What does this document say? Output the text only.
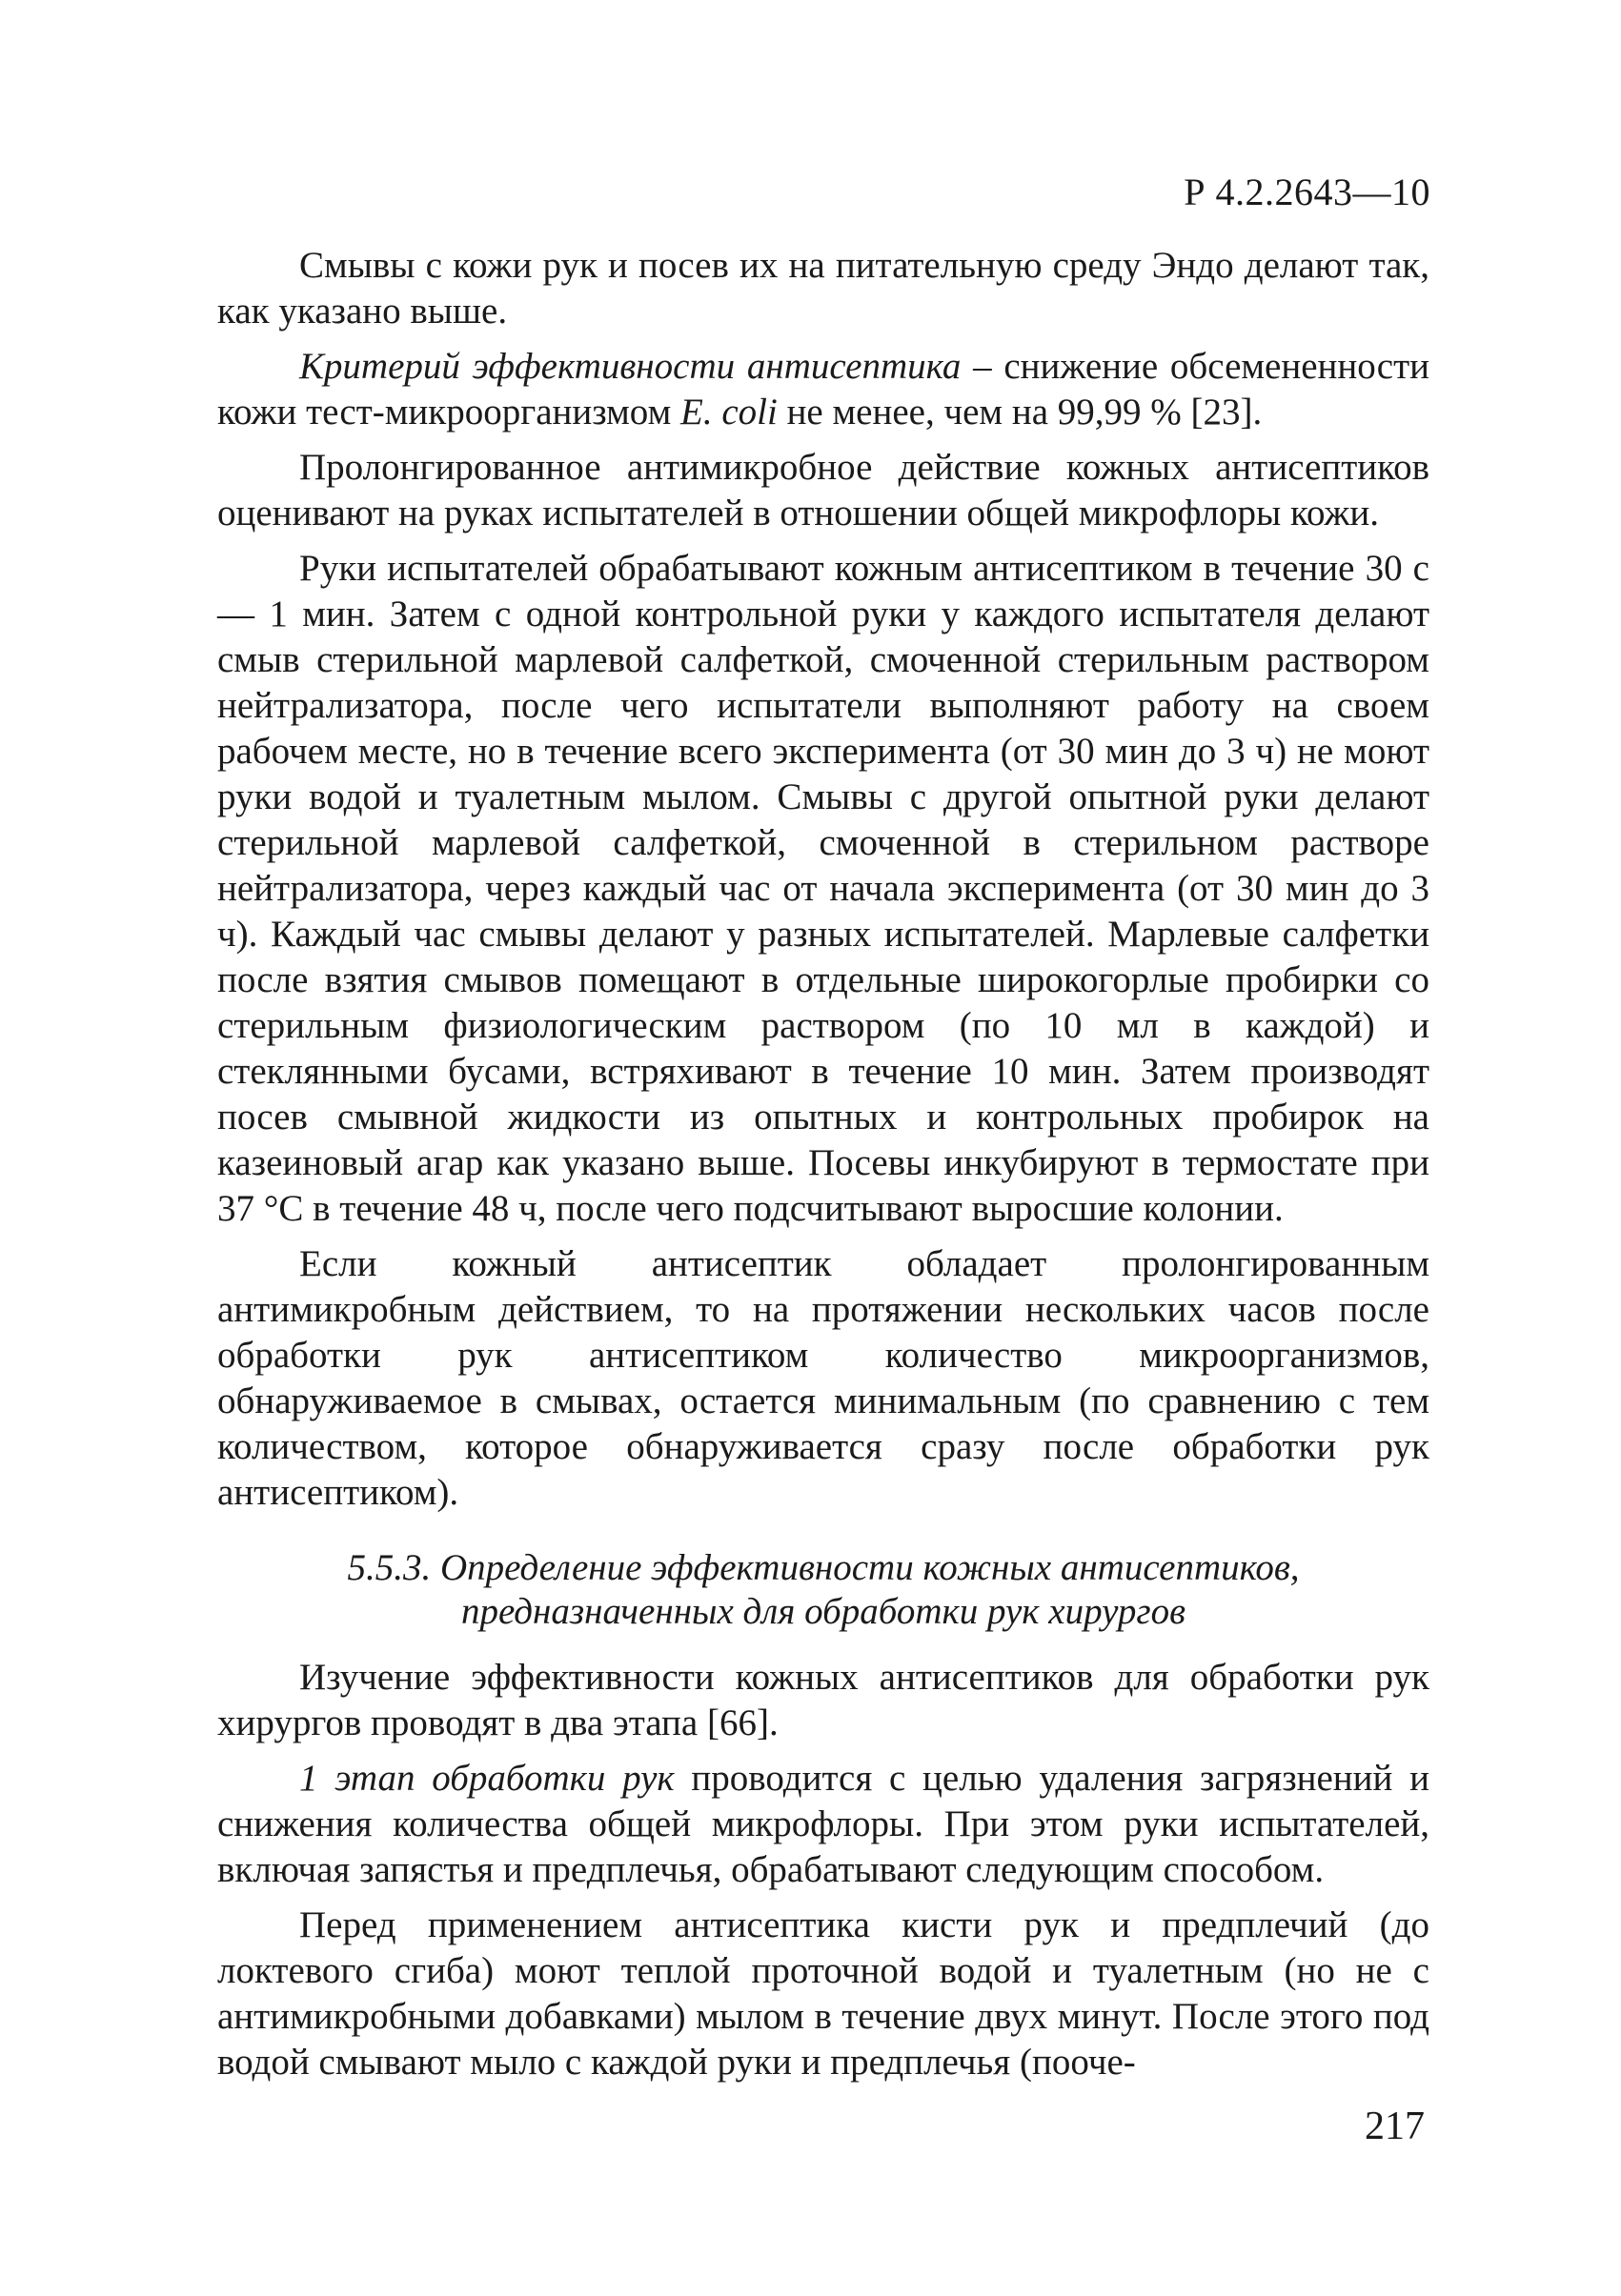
Р 4.2.2643—10

Смывы с кожи рук и посев их на питательную среду Эндо делают так, как указано выше.

Критерий эффективности антисептика – снижение обсемененности кожи тест-микроорганизмом E. coli не менее, чем на 99,99 % [23].

Пролонгированное антимикробное действие кожных антисептиков оценивают на руках испытателей в отношении общей микрофлоры кожи.

Руки испытателей обрабатывают кожным антисептиком в течение 30 с — 1 мин. Затем с одной контрольной руки у каждого испытателя делают смыв стерильной марлевой салфеткой, смоченной стерильным раствором нейтрализатора, после чего испытатели выполняют работу на своем рабочем месте, но в течение всего эксперимента (от 30 мин до 3 ч) не моют руки водой и туалетным мылом. Смывы с другой опытной руки делают стерильной марлевой салфеткой, смоченной в стерильном растворе нейтрализатора, через каждый час от начала эксперимента (от 30 мин до 3 ч). Каждый час смывы делают у разных испытателей. Марлевые салфетки после взятия смывов помещают в отдельные широкогорлые пробирки со стерильным физиологическим раствором (по 10 мл в каждой) и стеклянными бусами, встряхивают в течение 10 мин. Затем производят посев смывной жидкости из опытных и контрольных пробирок на казеиновый агар как указано выше. Посевы инкубируют в термостате при 37 °С в течение 48 ч, после чего подсчитывают выросшие колонии.

Если кожный антисептик обладает пролонгированным антимикробным действием, то на протяжении нескольких часов после обработки рук антисептиком количество микроорганизмов, обнаруживаемое в смывах, остается минимальным (по сравнению с тем количеством, которое обнаруживается сразу после обработки рук антисептиком).

5.5.3. Определение эффективности кожных антисептиков,
предназначенных для обработки рук хирургов

Изучение эффективности кожных антисептиков для обработки рук хирургов проводят в два этапа [66].

1 этап обработки рук проводится с целью удаления загрязнений и снижения количества общей микрофлоры. При этом руки испытателей, включая запястья и предплечья, обрабатывают следующим способом.

Перед применением антисептика кисти рук и предплечий (до локтевого сгиба) моют теплой проточной водой и туалетным (но не с антимикробными добавками) мылом в течение двух минут. После этого под водой смывают мыло с каждой руки и предплечья (пооче-

217
